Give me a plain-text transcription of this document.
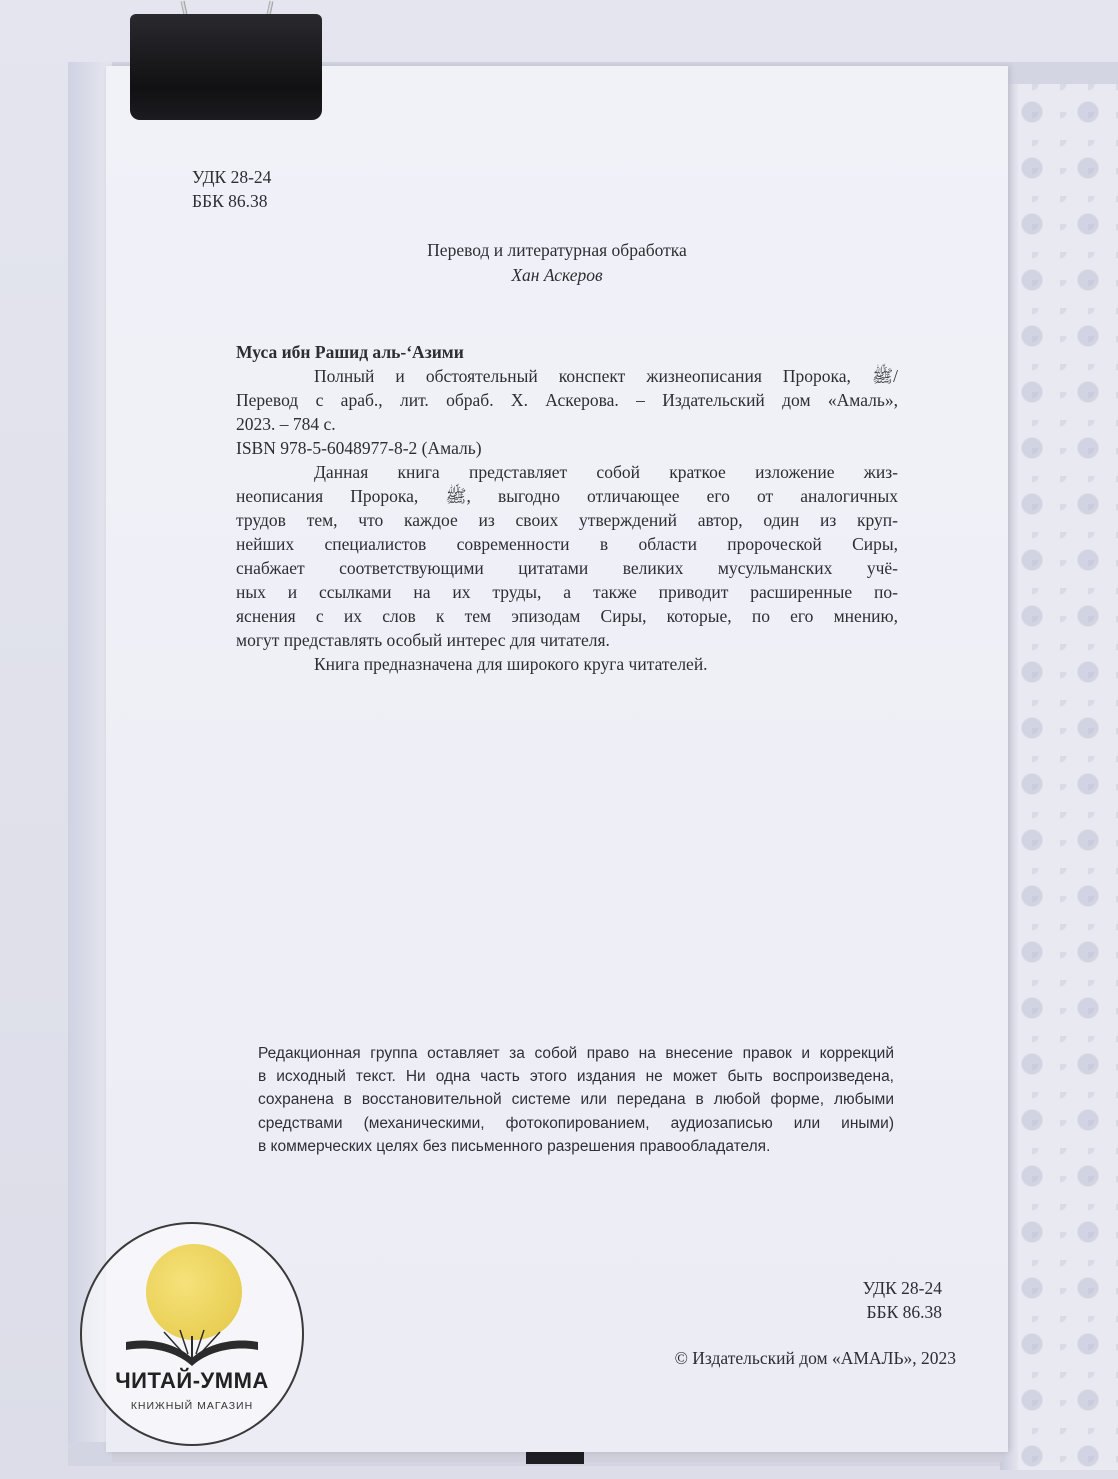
УДК 28-24
ББК 86.38
Перевод и литературная обработка
Хан Аскеров
Муса ибн Рашид аль-‘Азими
Полный и обстоятельный конспект жизнеописания Пророка, ﷺ/
Перевод с араб., лит. обраб. Х. Аскерова. – Издательский дом «Амаль»,
2023. – 784 с.
ISBN 978-5-6048977-8-2 (Амаль)
Данная книга представляет собой краткое изложение жиз-
неописания Пророка, ﷺ, выгодно отличающее его от аналогичных
трудов тем, что каждое из своих утверждений автор, один из круп-
нейших специалистов современности в области пророческой Сиры,
снабжает соответствующими цитатами великих мусульманских учё-
ных и ссылками на их труды, а также приводит расширенные по-
яснения с их слов к тем эпизодам Сиры, которые, по его мнению,
могут представлять особый интерес для читателя.
Книга предназначена для широкого круга читателей.
УДК 28-24
ББК 86.38
© Издательский дом «АМАЛЬ», 2023
Редакционная группа оставляет за собой право на внесение правок и коррекций
в исходный текст. Ни одна часть этого издания не может быть воспроизведена,
сохранена в восстановительной системе или передана в любой форме, любыми
средствами (механическими, фотокопированием, аудиозаписью или иными)
в коммерческих целях без письменного разрешения правообладателя.
ЧИТАЙ-УММА
КНИЖНЫЙ МАГАЗИН
